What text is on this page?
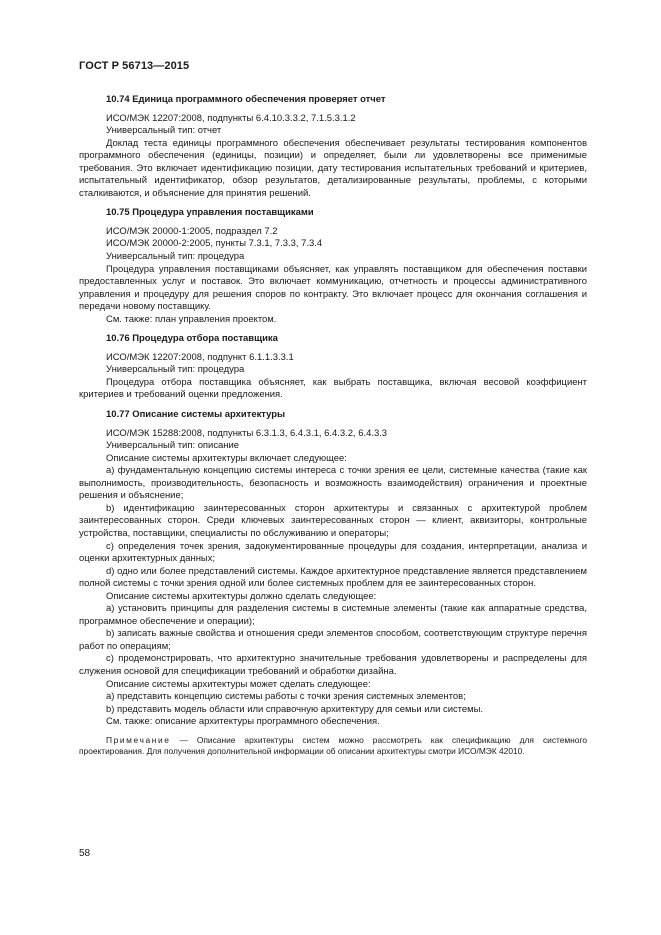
ГОСТ Р 56713—2015
10.74 Единица программного обеспечения проверяет отчет
ИСО/МЭК 12207:2008, подпункты 6.4.10.3.3.2, 7.1.5.3.1.2
Универсальный тип: отчет
Доклад теста единицы программного обеспечения обеспечивает результаты тестирования компонентов программного обеспечения (единицы, позиции) и определяет, были ли удовлетворены все применимые требования. Это включает идентификацию позиции, дату тестирования испытательных требований и критериев, испытательный идентификатор, обзор результатов, детализированные результаты, проблемы, с которыми сталкиваются, и объяснение для принятия решений.
10.75 Процедура управления поставщиками
ИСО/МЭК 20000-1:2005, подраздел 7.2
ИСО/МЭК 20000-2:2005, пункты 7.3.1, 7.3.3, 7.3.4
Универсальный тип: процедура
Процедура управления поставщиками объясняет, как управлять поставщиком для обеспечения поставки предоставленных услуг и поставок. Это включает коммуникацию, отчетность и процессы административного управления и процедуру для решения споров по контракту. Это включает процесс для окончания соглашения и передачи новому поставщику.
См. также: план управления проектом.
10.76 Процедура отбора поставщика
ИСО/МЭК 12207:2008, подпункт 6.1.1.3.3.1
Универсальный тип: процедура
Процедура отбора поставщика объясняет, как выбрать поставщика, включая весовой коэффициент критериев и требований оценки предложения.
10.77 Описание системы архитектуры
ИСО/МЭК 15288:2008, подпункты 6.3.1.3, 6.4.3.1, 6.4.3.2, 6.4.3.3
Универсальный тип: описание
Описание системы архитектуры включает следующее:
a) фундаментальную концепцию системы интереса с точки зрения ее цели, системные качества (такие как выполнимость, производительность, безопасность и возможность взаимодействия) ограничения и проектные решения и объяснение;
b) идентификацию заинтересованных сторон архитектуры и связанных с архитектурой проблем заинтересованных сторон. Среди ключевых заинтересованных сторон — клиент, аквизиторы, контрольные устройства, поставщики, специалисты по обслуживанию и операторы;
c) определения точек зрения, задокументированные процедуры для создания, интерпретации, анализа и оценки архитектурных данных;
d) одно или более представлений системы. Каждое архитектурное представление является представлением полной системы с точки зрения одной или более системных проблем для ее заинтересованных сторон.
Описание системы архитектуры должно сделать следующее:
a) установить принципы для разделения системы в системные элементы (такие как аппаратные средства, программное обеспечение и операции);
b) записать важные свойства и отношения среди элементов способом, соответствующим структуре перечня работ по операциям;
c) продемонстрировать, что архитектурно значительные требования удовлетворены и распределены для служения основой для спецификации требований и обработки дизайна.
Описание системы архитектуры может сделать следующее:
a) представить концепцию системы работы с точки зрения системных элементов;
b) представить модель области или справочную архитектуру для семьи или системы.
См. также: описание архитектуры программного обеспечения.
Примечание — Описание архитектуры систем можно рассмотреть как спецификацию для системного проектирования. Для получения дополнительной информации об описании архитектуры смотри ИСО/МЭК 42010.
58
